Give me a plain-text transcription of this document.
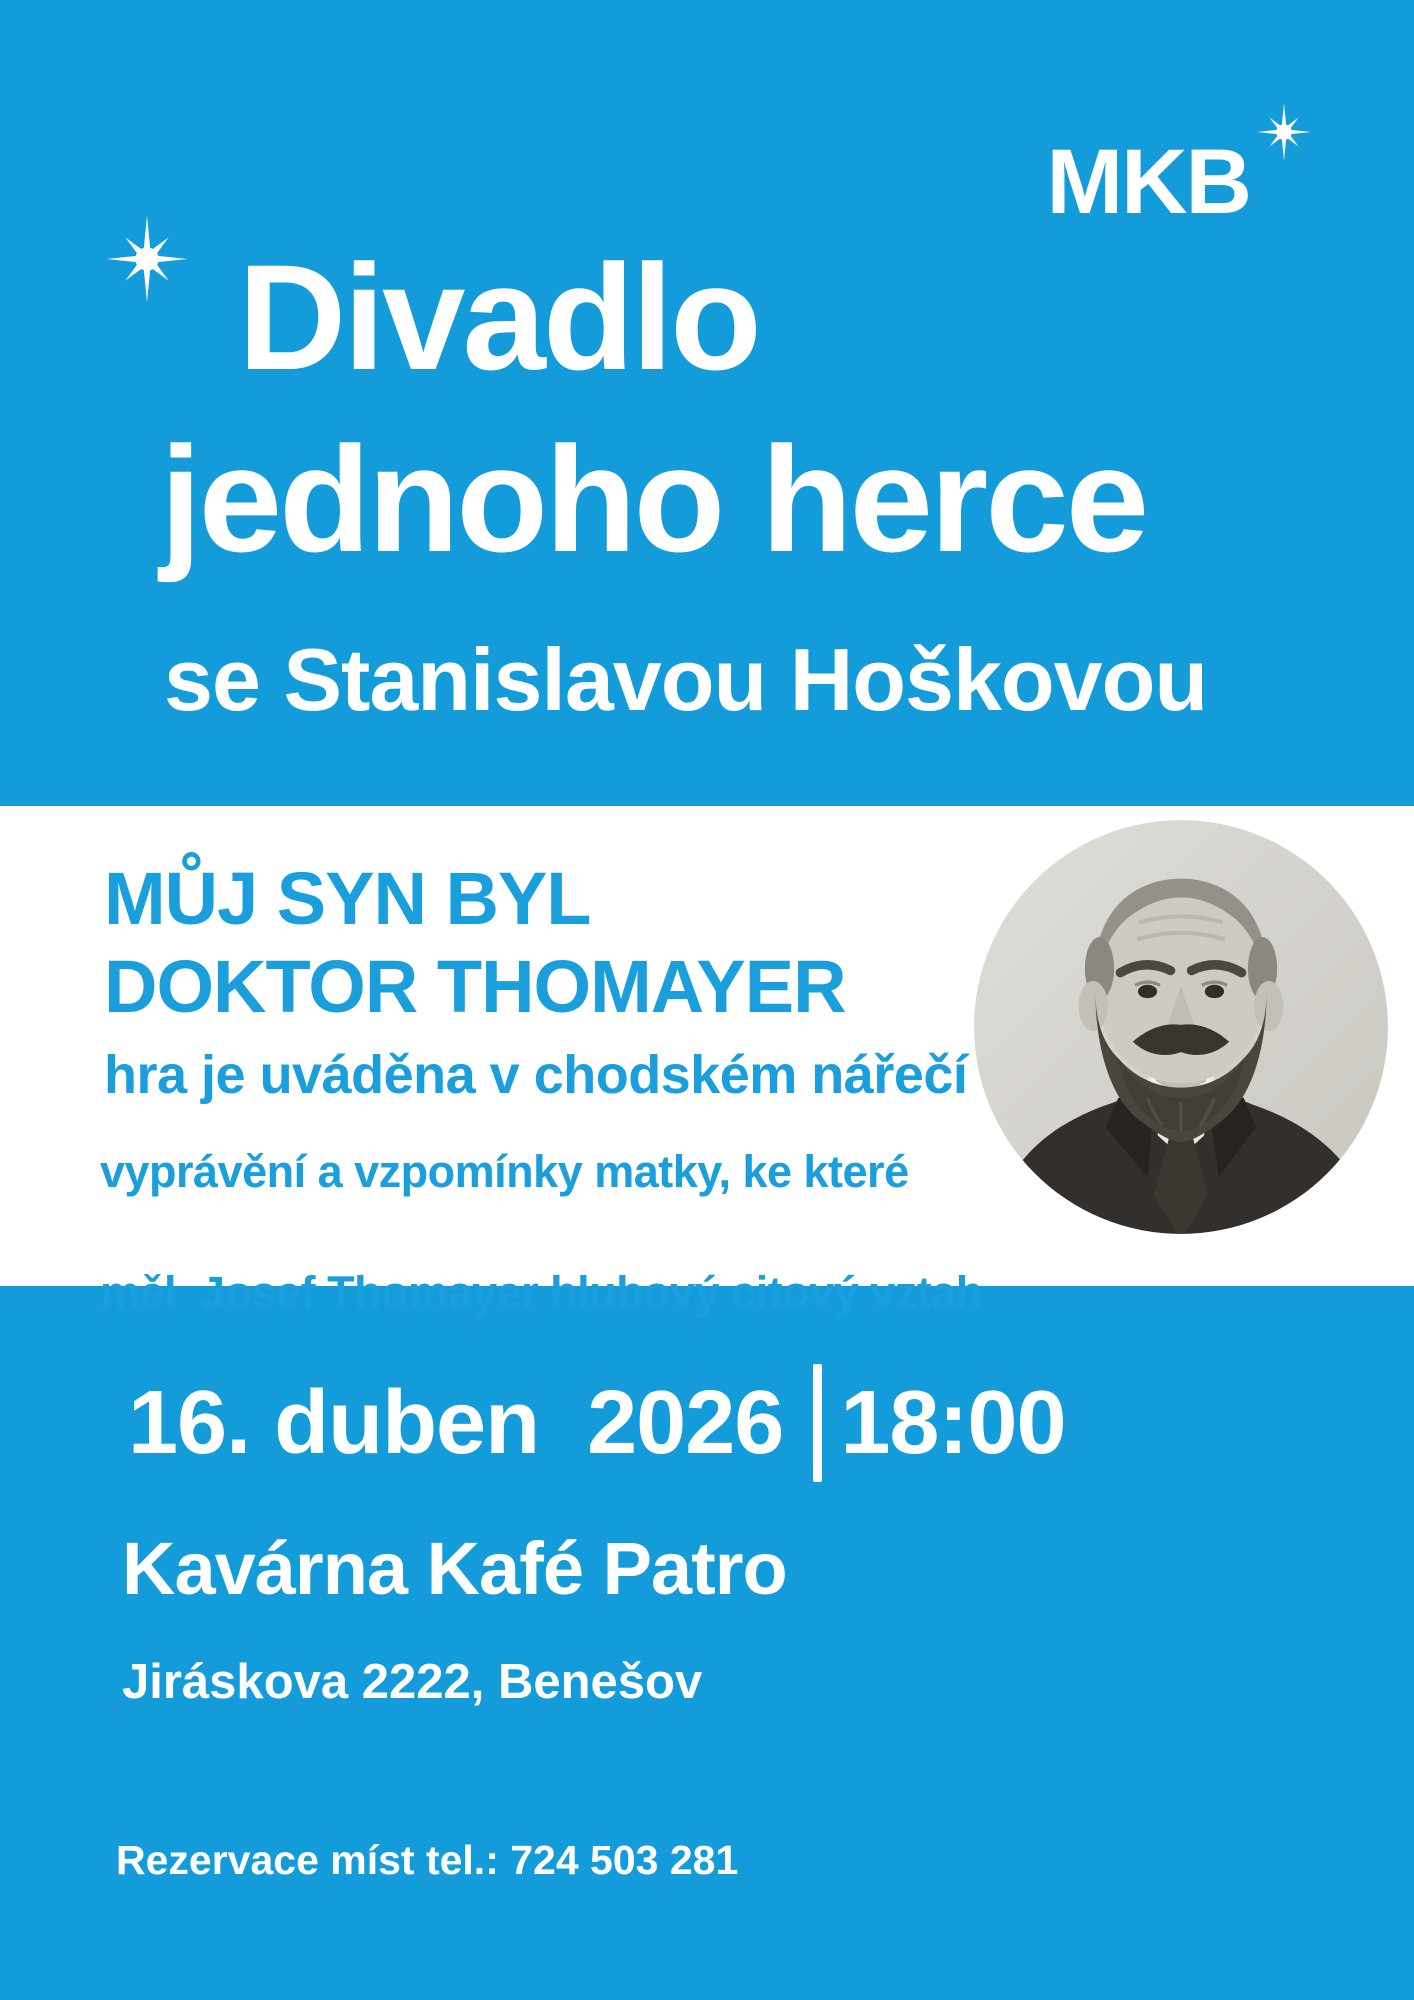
MKB
Divadlo
jednoho herce
se Stanislavou Hoškovou
MŮJ SYN BYL
DOKTOR THOMAYER
hra je uváděna v chodském nářečí
vyprávění a vzpomínky matky, ke které

měl  Josef Thomayer hlubový citový vztah
16. duben  2026 18:00
Kavárna Kafé Patro
Jiráskova 2222, Benešov
Rezervace míst tel.: 724 503 281
